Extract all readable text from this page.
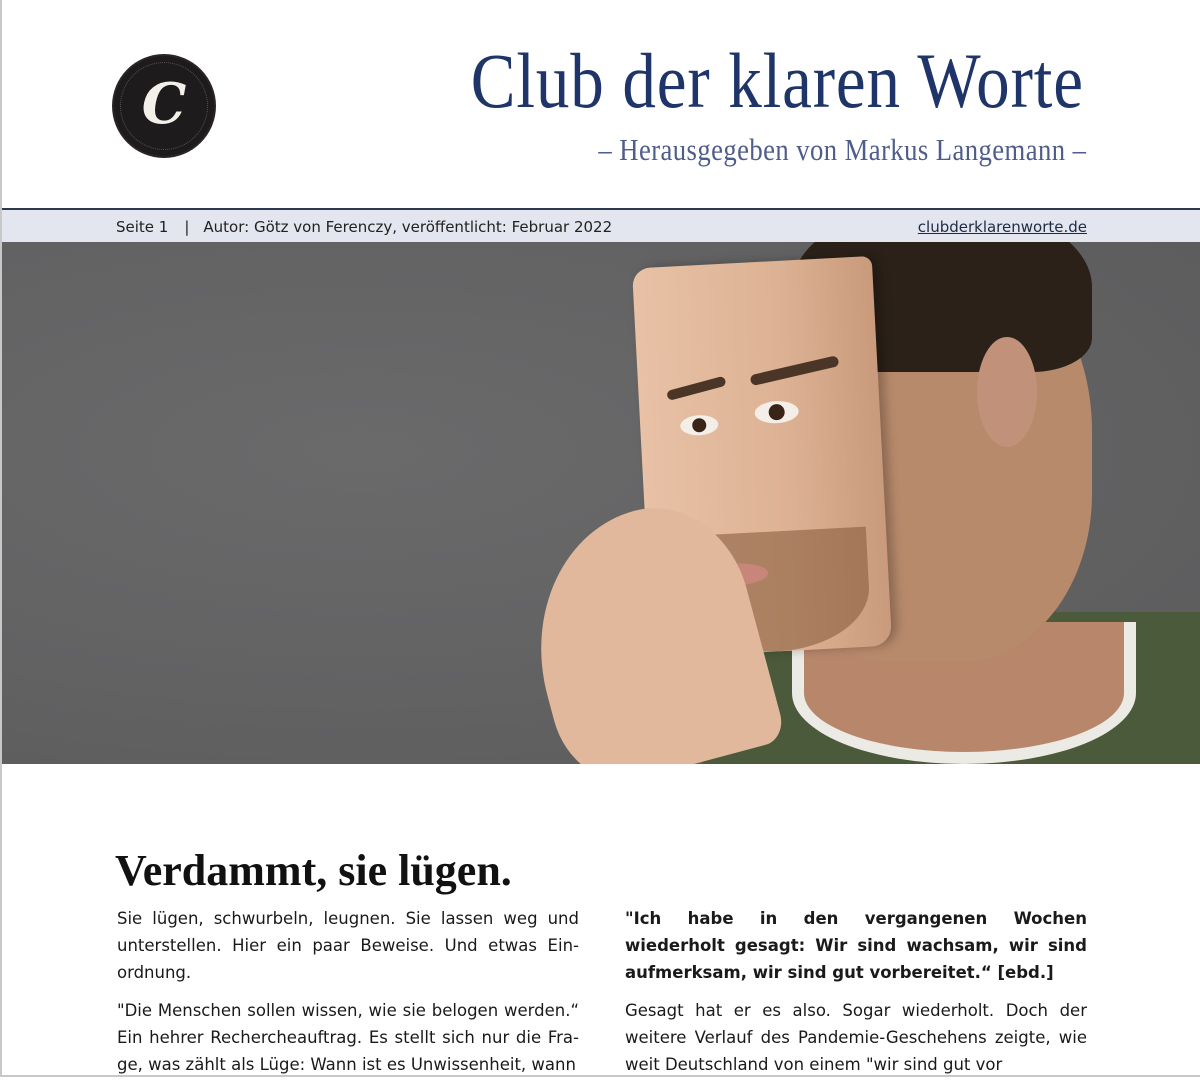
C	Club der klaren Worte
– Herausgegeben von Markus Langemann –
Seite 1 | Autor: Götz von Ferenczy, veröffentlicht: Februar 2022	clubderklarenworte.de
Verdammt, sie lügen.

Sie lügen, schwurbeln, leugnen. Sie lassen weg und unterstellen. Hier ein paar Beweise. Und etwas Einordnung.

"Die Menschen sollen wissen, wie sie belogen werden.“ Ein hehrer Rechercheauftrag. Es stellt sich nur die Frage, was zählt als Lüge: Wann ist es Unwissenheit, wann

"Ich habe in den vergangenen Wochen wiederholt gesagt: Wir sind wachsam, wir sind aufmerksam, wir sind gut vorbereitet.“ [ebd.]

Gesagt hat er es also. Sogar wiederholt. Doch der weitere Verlauf des Pandemie-Geschehens zeigte, wie weit Deutschland von einem "wir sind gut vor
